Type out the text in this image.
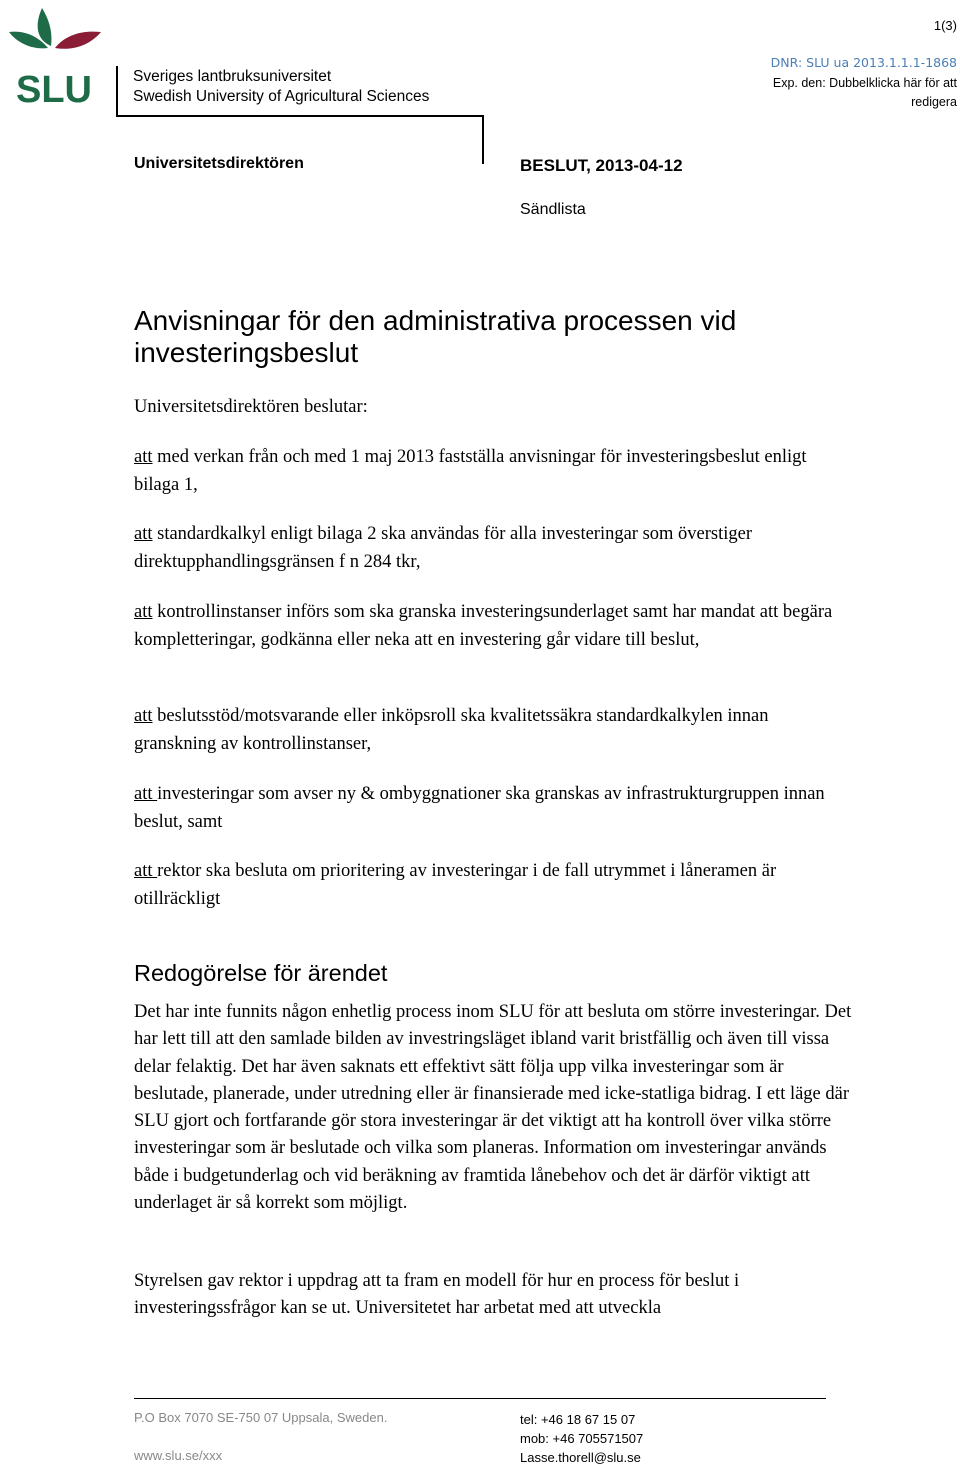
1(3)
DNR: SLU ua 2013.1.1.1-1868
Exp. den: Dubbelklicka här för att
redigera
SLU	Sveriges lantbruksuniversitet
Swedish University of Agricultural Sciences
Universitetsdirektören	BESLUT, 2013-04-12
Sändlista
Anvisningar för den administrativa processen vid investeringsbeslut
Universitetsdirektören beslutar:
att med verkan från och med 1 maj 2013 fastställa anvisningar för investeringsbeslut enligt bilaga 1,
att standardkalkyl enligt bilaga 2 ska användas för alla investeringar som överstiger direktupphandlingsgränsen f n 284 tkr,
att kontrollinstanser införs som ska granska investeringsunderlaget samt har mandat att begära kompletteringar, godkänna eller neka att en investering går vidare till beslut,
att beslutsstöd/motsvarande eller inköpsroll ska kvalitetssäkra standardkalkylen innan granskning av kontrollinstanser,
att investeringar som avser ny & ombyggnationer ska granskas av infrastrukturgruppen innan beslut, samt
att rektor ska besluta om prioritering av investeringar i de fall utrymmet i låneramen är otillräckligt
Redogörelse för ärendet
Det har inte funnits någon enhetlig process inom SLU för att besluta om större investeringar. Det har lett till att den samlade bilden av investringsläget ibland varit bristfällig och även till vissa delar felaktig. Det har även saknats ett effektivt sätt följa upp vilka investeringar som är beslutade, planerade, under utredning eller är finansierade med icke-statliga bidrag. I ett läge där SLU gjort och fortfarande gör stora investeringar är det viktigt att ha kontroll över vilka större investeringar som är beslutade och vilka som planeras. Information om investeringar används både i budgetunderlag och vid beräkning av framtida lånebehov och det är därför viktigt att underlaget är så korrekt som möjligt.
Styrelsen gav rektor i uppdrag att ta fram en modell för hur en process för beslut i investeringssfrågor kan se ut. Universitetet har arbetat med att utveckla
P.O Box 7070 SE-750 07 Uppsala, Sweden.
www.slu.se/xxx
tel: +46 18 67 15 07
mob: +46 705571507
Lasse.thorell@slu.se
